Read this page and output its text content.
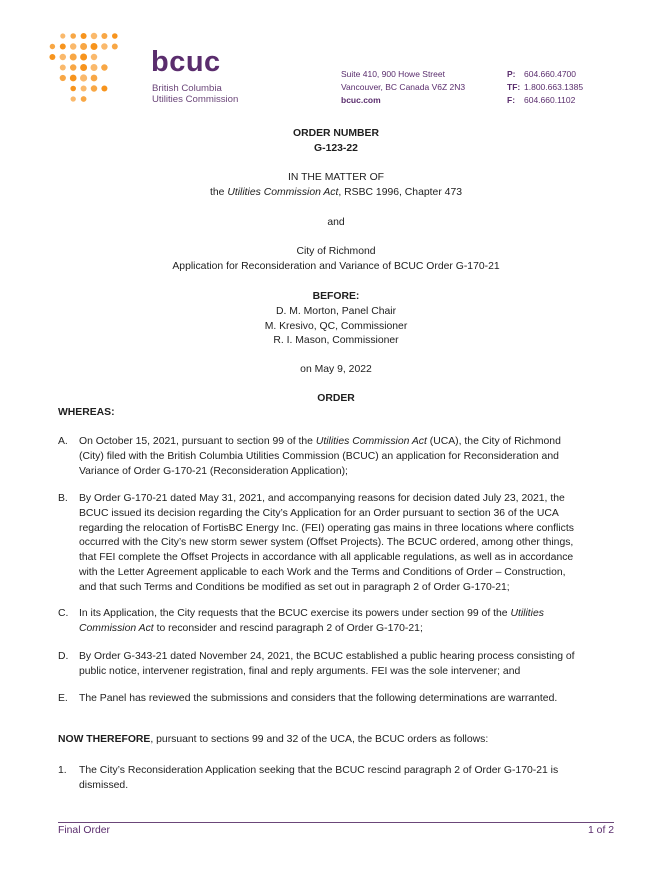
bcuc
British Columbia
Utilities Commission
Suite 410, 900 Howe Street
Vancouver, BC Canada V6Z 2N3
bcuc.com
P: 604.660.4700
TF: 1.800.663.1385
F: 604.660.1102
ORDER NUMBER
G-123-22
IN THE MATTER OF
the Utilities Commission Act, RSBC 1996, Chapter 473
and
City of Richmond
Application for Reconsideration and Variance of BCUC Order G-170-21
BEFORE:
D. M. Morton, Panel Chair
M. Kresivo, QC, Commissioner
R. I. Mason, Commissioner
on May 9, 2022
ORDER
WHEREAS:
A. On October 15, 2021, pursuant to section 99 of the Utilities Commission Act (UCA), the City of Richmond
(City) filed with the British Columbia Utilities Commission (BCUC) an application for Reconsideration and
Variance of Order G-170-21 (Reconsideration Application);
B. By Order G-170-21 dated May 31, 2021, and accompanying reasons for decision dated July 23, 2021, the
BCUC issued its decision regarding the City’s Application for an Order pursuant to section 36 of the UCA
regarding the relocation of FortisBC Energy Inc. (FEI) operating gas mains in three locations where conflicts
occurred with the City’s new storm sewer system (Offset Projects). The BCUC ordered, among other things,
that FEI complete the Offset Projects in accordance with all applicable regulations, as well as in accordance
with the Letter Agreement applicable to each Work and the Terms and Conditions of Order – Construction,
and that such Terms and Conditions be modified as set out in paragraph 2 of Order G-170-21;
C. In its Application, the City requests that the BCUC exercise its powers under section 99 of the Utilities
Commission Act to reconsider and rescind paragraph 2 of Order G-170-21;
D. By Order G-343-21 dated November 24, 2021, the BCUC established a public hearing process consisting of
public notice, intervener registration, final and reply arguments. FEI was the sole intervener; and
E. The Panel has reviewed the submissions and considers that the following determinations are warranted.
NOW THEREFORE, pursuant to sections 99 and 32 of the UCA, the BCUC orders as follows:
1. The City’s Reconsideration Application seeking that the BCUC rescind paragraph 2 of Order G-170-21 is
dismissed.
Final Order	1 of 2
